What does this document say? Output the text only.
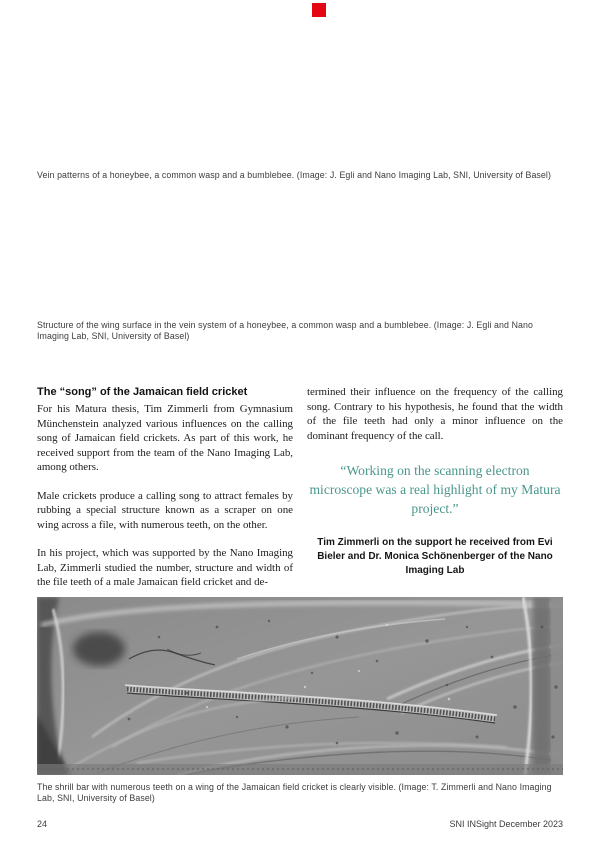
Vein patterns of a honeybee, a common wasp and a bumblebee. (Image: J. Egli and Nano Imaging Lab, SNI, University of Basel)

Structure of the wing surface in the vein system of a honeybee, a common wasp and a bumblebee. (Image: J. Egli and Nano Imaging Lab, SNI, University of Basel)

The “song” of the Jamaican field cricket

For his Matura thesis, Tim Zimmerli from Gymnasium Münchenstein analyzed various influences on the calling song of Jamaican field crickets. As part of this work, he received support from the team of the Nano Imaging Lab, among others.

Male crickets produce a calling song to attract females by rubbing a special structure known as a scraper on one wing across a file, with numerous teeth, on the other.

In his project, which was supported by the Nano Imaging Lab, Zimmerli studied the number, structure and width of the file teeth of a male Jamaican field cricket and de-

termined their influence on the frequency of the calling song. Contrary to his hypothesis, he found that the width of the file teeth had only a minor influence on the dominant frequency of the call.

“Working on the scanning electron microscope was a real highlight of my Matura project.”
Tim Zimmerli on the support he received from Evi Bieler and Dr. Monica Schönenberger of the Nano Imaging Lab

The shrill bar with numerous teeth on a wing of the Jamaican field cricket is clearly visible. (Image: T. Zimmerli and Nano Imaging Lab, SNI, University of Basel)

24	SNI INSight December 2023
